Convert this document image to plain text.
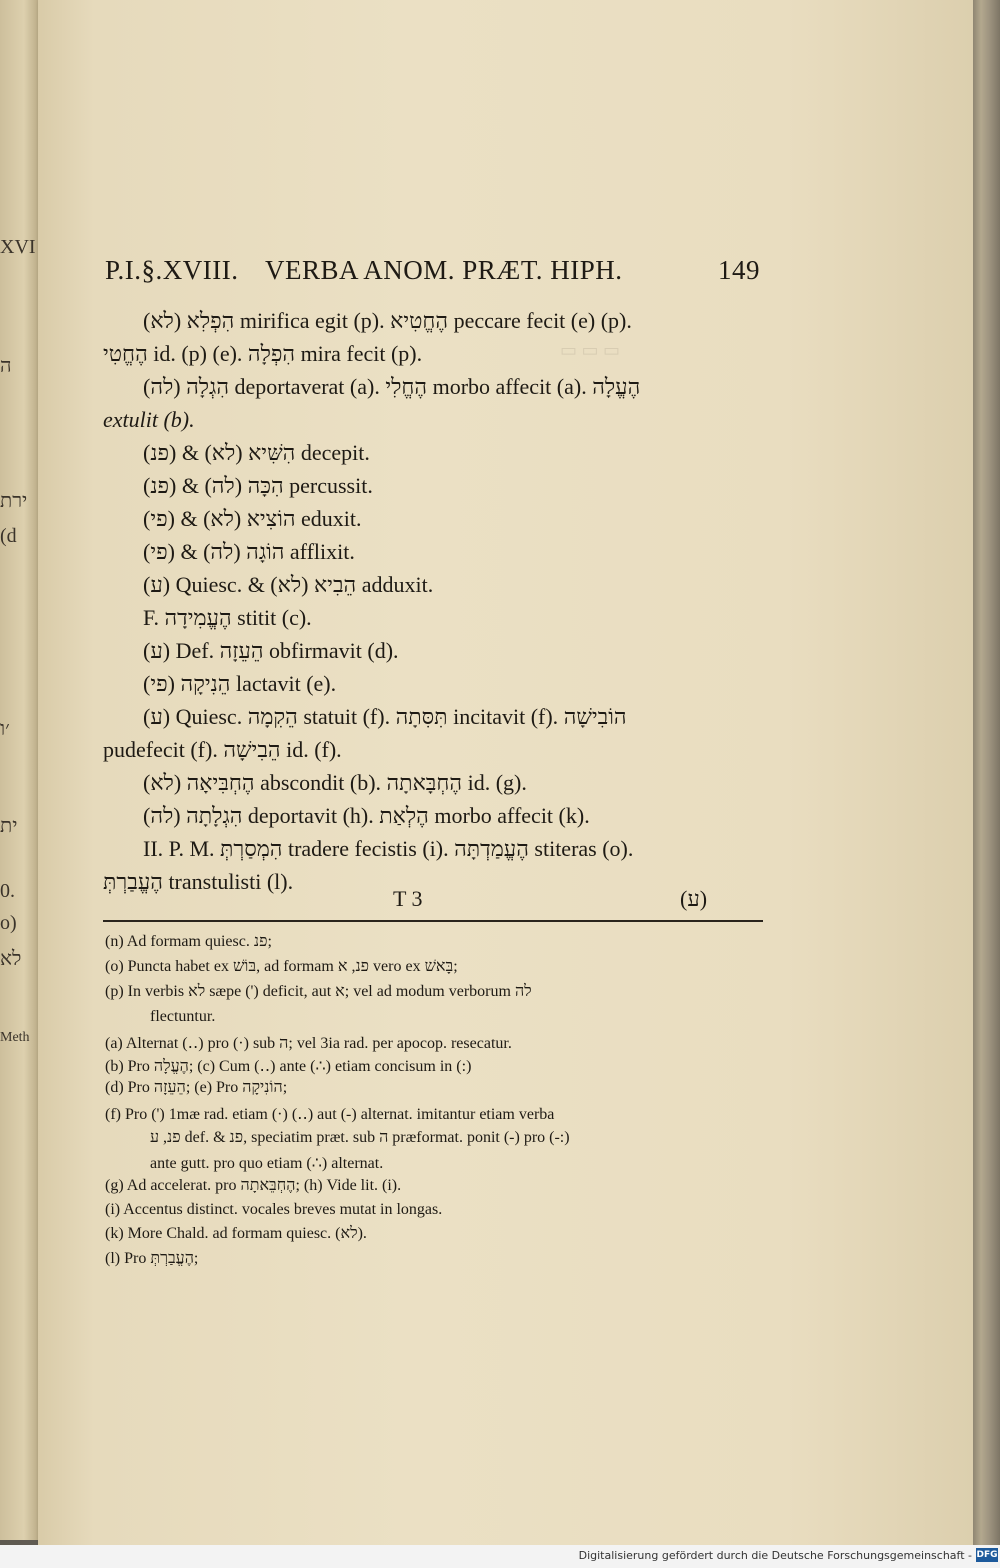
XVI
ה
ירת
(d
׳ו
ית
0.
o)
לא
Meth
▭ ▭ ▭
P.I.§.XVIII. VERBA ANOM. PRÆT. HIPH.	149
(לא) הִפְלִא mirifica egit (p). הֶחֱטִיא peccare fecit (e) (p).
הֶחֱטִי id. (p) (e). הִפְלָה mira fecit (p).
(לה) הִגְלָה deportaverat (a). הֶחֱלִי morbo affecit (a). הֶעֱלָה
extulit (b).
(פנ) & (לא) הִשִּׁיא decepit.
(פנ) & (לה) הִכָּה percussit.
(פי) & (לא) הוֹצִיא eduxit.
(פי) & (לה) הוֹגָה afflixit.
(ע) Quiesc. & (לא) הֵבִיא adduxit.
F. הֶעֱמִידָה stitit (c).
(ע) Def. הֵעֵזָה obfirmavit (d).
(פי) הֵנִיקָה lactavit (e).
(ע) Quiesc. הֵקִמָה statuit (f). תִּסִּתָה incitavit (f). הוֹבִישָׁה
pudefecit (f). הֵבִישָׁה id. (f).
(לא) הֶחְבִּיאָה abscondit (b). הֶחְבָּאתָה id. (g).
(לה) הִגְלָתָה deportavit (h). הֶלְאַת morbo affecit (k).
II. P. M. הִמְסַרְתְּ tradere fecistis (i). הֶעֱמַדְתָּה stiteras (o).
הֶעֱבַרְתְּ transtulisti (l).
T 3	(ע)
(n) Ad formam quiesc. פנ;
(o) Puncta habet ex בּוֹשׁ, ad formam פנ, א vero ex בָּאשׁ;
(p) In verbis לא sæpe (') deficit, aut א; vel ad modum verborum לה
flectuntur.
(a) Alternat (‥) pro (·) sub ה; vel 3ia rad. per apocop. resecatur.
(b) Pro הֶעֱלָה; (c) Cum (‥) ante (∴) etiam concisum in (:)
(d) Pro הֵעֵזָה; (e) Pro הוֹנִיקָה;
(f) Pro (') 1mæ rad. etiam (·) (‥) aut (-) alternat. imitantur etiam verba
פנ, ע def. & פנ, speciatim præt. sub ה præformat. ponit (-) pro (-:)
ante gutt. pro quo etiam (∴) alternat.
(g) Ad accelerat. pro הֶחְבֵּאתָה; (h) Vide lit. (i).
(i) Accentus distinct. vocales breves mutat in longas.
(k) More Chald. ad formam quiesc. (לא).
(l) Pro הֶעֱבַרְתְּ;
Digitalisierung gefördert durch die Deutsche Forschungsgemeinschaft - DFG
